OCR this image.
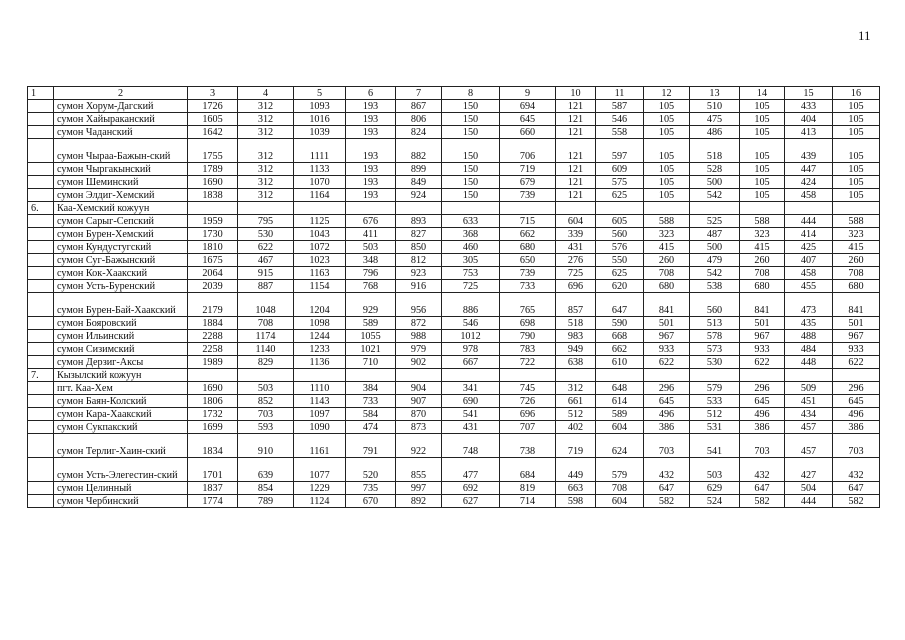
11
1	2	3	4	5	6	7	8	9	10	11	12	13	14	15	16
	сумон Хорум-Дагский	1726	312	1093	193	867	150	694	121	587	105	510	105	433	105
	сумон Хайыраканский	1605	312	1016	193	806	150	645	121	546	105	475	105	404	105
	сумон Чаданский	1642	312	1039	193	824	150	660	121	558	105	486	105	413	105
	сумон Чыраа-Бажын-ский	1755	312	1111	193	882	150	706	121	597	105	518	105	439	105
	сумон Чыргакынский	1789	312	1133	193	899	150	719	121	609	105	528	105	447	105
	сумон Шеминский	1690	312	1070	193	849	150	679	121	575	105	500	105	424	105
	сумон Элдиг-Хемский	1838	312	1164	193	924	150	739	121	625	105	542	105	458	105
6.	Каа-Хемский кожуун														
	сумон Сарыг-Сепский	1959	795	1125	676	893	633	715	604	605	588	525	588	444	588
	сумон Бурен-Хемский	1730	530	1043	411	827	368	662	339	560	323	487	323	414	323
	сумон Кундустугский	1810	622	1072	503	850	460	680	431	576	415	500	415	425	415
	сумон Суг-Бажынский	1675	467	1023	348	812	305	650	276	550	260	479	260	407	260
	сумон Кок-Хаакский	2064	915	1163	796	923	753	739	725	625	708	542	708	458	708
	сумон Усть-Буренский	2039	887	1154	768	916	725	733	696	620	680	538	680	455	680
	сумон Бурен-Бай-Хаакский	2179	1048	1204	929	956	886	765	857	647	841	560	841	473	841
	сумон Бояровский	1884	708	1098	589	872	546	698	518	590	501	513	501	435	501
	сумон Ильинский	2288	1174	1244	1055	988	1012	790	983	668	967	578	967	488	967
	сумон Сизимский	2258	1140	1233	1021	979	978	783	949	662	933	573	933	484	933
	сумон Дерзиг-Аксы	1989	829	1136	710	902	667	722	638	610	622	530	622	448	622
7.	Кызылский кожуун														
	пгт. Каа-Хем	1690	503	1110	384	904	341	745	312	648	296	579	296	509	296
	сумон Баян-Колский	1806	852	1143	733	907	690	726	661	614	645	533	645	451	645
	сумон Кара-Хаакский	1732	703	1097	584	870	541	696	512	589	496	512	496	434	496
	сумон Сукпакский	1699	593	1090	474	873	431	707	402	604	386	531	386	457	386
	сумон Терлиг-Хаин-ский	1834	910	1161	791	922	748	738	719	624	703	541	703	457	703
	сумон Усть-Элегестин-ский	1701	639	1077	520	855	477	684	449	579	432	503	432	427	432
	сумон Целинный	1837	854	1229	735	997	692	819	663	708	647	629	647	504	647
	сумон Чербинский	1774	789	1124	670	892	627	714	598	604	582	524	582	444	582
